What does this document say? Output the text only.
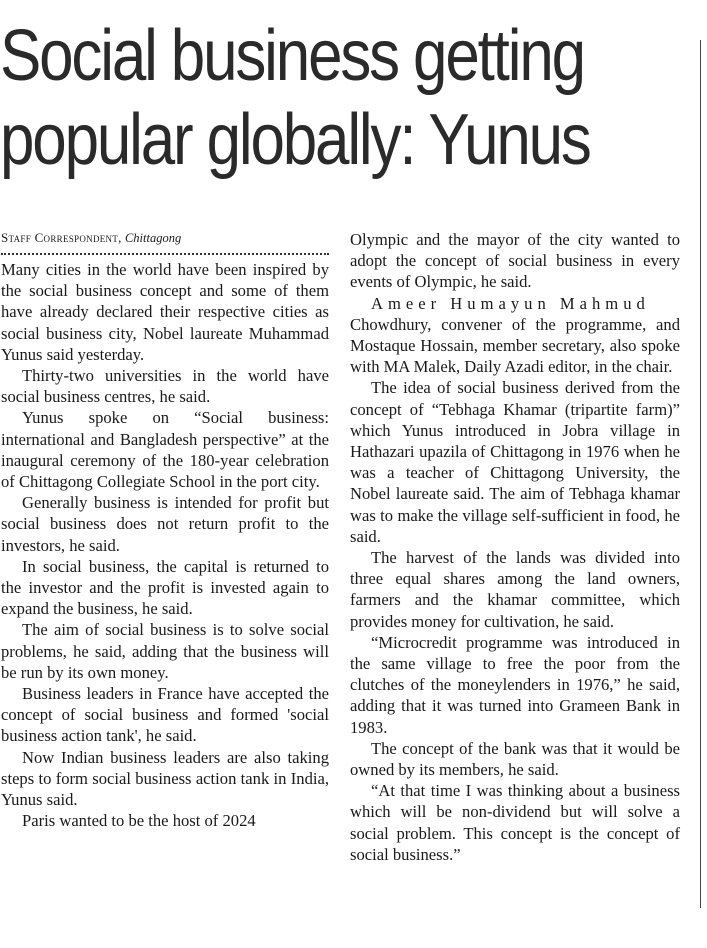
Social business getting
popular globally: Yunus
Staff Correspondent, Chittagong

Many cities in the world have been inspired by the social business concept and some of them have already declared their respective cities as social business city, Nobel laureate Muhammad Yunus said yesterday.

Thirty-two universities in the world have social business centres, he said.

Yunus spoke on “Social business: international and Bangladesh perspective” at the inaugural ceremony of the 180-year celebration of Chittagong Collegiate School in the port city.

Generally business is intended for profit but social business does not return profit to the investors, he said.

In social business, the capital is returned to the investor and the profit is invested again to expand the business, he said.

The aim of social business is to solve social problems, he said, adding that the business will be run by its own money.

Business leaders in France have accepted the concept of social business and formed 'social business action tank', he said.

Now Indian business leaders are also taking steps to form social business action tank in India, Yunus said.

Paris wanted to be the host of 2024

Olympic and the mayor of the city wanted to adopt the concept of social business in every events of Olympic, he said.

Ameer Humayun Mahmud

Chowdhury, convener of the programme, and Mostaque Hossain, member secretary, also spoke with MA Malek, Daily Azadi editor, in the chair.

The idea of social business derived from the concept of “Tebhaga Khamar (tripartite farm)” which Yunus introduced in Jobra village in Hathazari upazila of Chittagong in 1976 when he was a teacher of Chittagong University, the Nobel laureate said. The aim of Tebhaga khamar was to make the village self-sufficient in food, he said.

The harvest of the lands was divided into three equal shares among the land owners, farmers and the khamar committee, which provides money for cultivation, he said.

“Microcredit programme was introduced in the same village to free the poor from the clutches of the moneylenders in 1976,” he said, adding that it was turned into Grameen Bank in 1983.

The concept of the bank was that it would be owned by its members, he said.

“At that time I was thinking about a business which will be non-dividend but will solve a social problem. This concept is the concept of social business.”
